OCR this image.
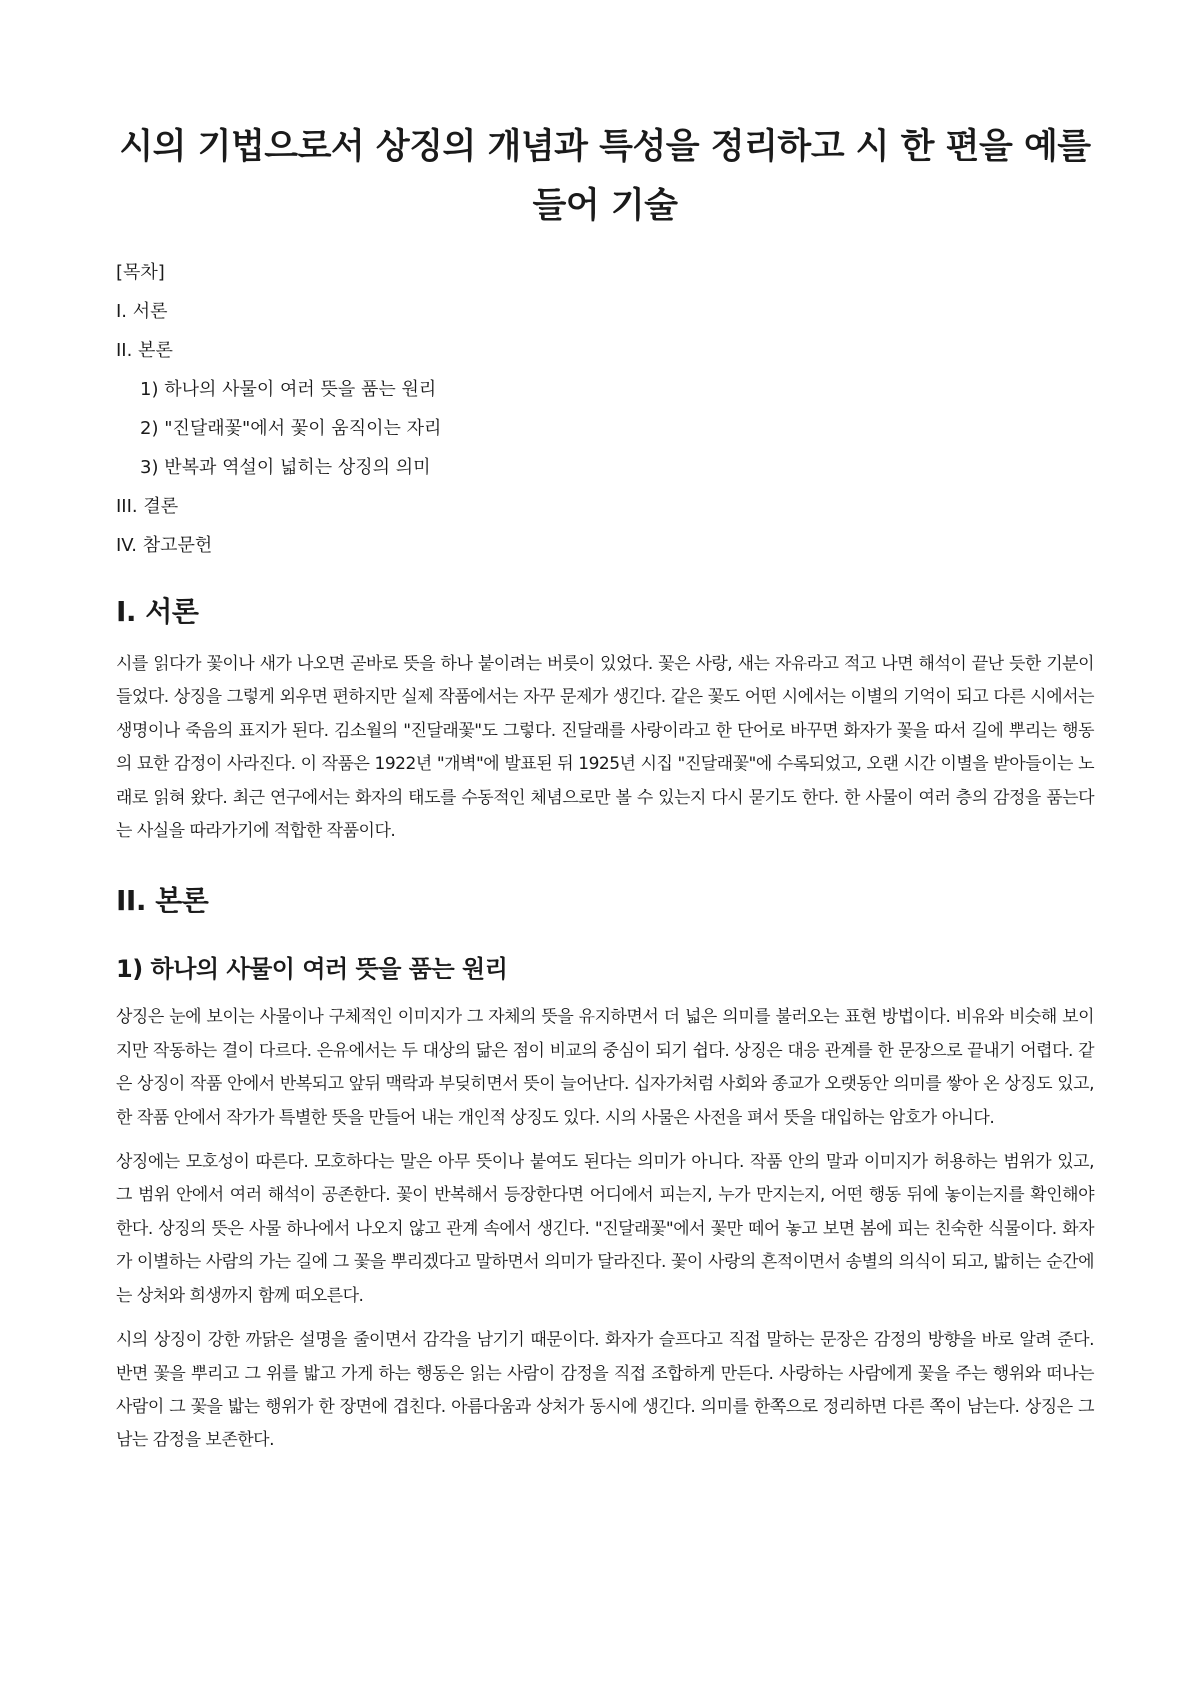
시의 기법으로서 상징의 개념과 특성을 정리하고 시 한 편을 예를 들어 기술

[목차]

I. 서론

II. 본론

1) 하나의 사물이 여러 뜻을 품는 원리

2) "진달래꽃"에서 꽃이 움직이는 자리

3) 반복과 역설이 넓히는 상징의 의미

III. 결론

IV. 참고문헌

I. 서론

시를 읽다가 꽃이나 새가 나오면 곧바로 뜻을 하나 붙이려는 버릇이 있었다. 꽃은 사랑, 새는 자유라고 적고 나면 해석이 끝난 듯한 기분이 들었다. 상징을 그렇게 외우면 편하지만 실제 작품에서는 자꾸 문제가 생긴다. 같은 꽃도 어떤 시에서는 이별의 기억이 되고 다른 시에서는 생명이나 죽음의 표지가 된다. 김소월의 "진달래꽃"도 그렇다. 진달래를 사랑이라고 한 단어로 바꾸면 화자가 꽃을 따서 길에 뿌리는 행동의 묘한 감정이 사라진다. 이 작품은 1922년 "개벽"에 발표된 뒤 1925년 시집 "진달래꽃"에 수록되었고, 오랜 시간 이별을 받아들이는 노래로 읽혀 왔다. 최근 연구에서는 화자의 태도를 수동적인 체념으로만 볼 수 있는지 다시 묻기도 한다. 한 사물이 여러 층의 감정을 품는다는 사실을 따라가기에 적합한 작품이다.

II. 본론
1) 하나의 사물이 여러 뜻을 품는 원리

상징은 눈에 보이는 사물이나 구체적인 이미지가 그 자체의 뜻을 유지하면서 더 넓은 의미를 불러오는 표현 방법이다. 비유와 비슷해 보이지만 작동하는 결이 다르다. 은유에서는 두 대상의 닮은 점이 비교의 중심이 되기 쉽다. 상징은 대응 관계를 한 문장으로 끝내기 어렵다. 같은 상징이 작품 안에서 반복되고 앞뒤 맥락과 부딪히면서 뜻이 늘어난다. 십자가처럼 사회와 종교가 오랫동안 의미를 쌓아 온 상징도 있고, 한 작품 안에서 작가가 특별한 뜻을 만들어 내는 개인적 상징도 있다. 시의 사물은 사전을 펴서 뜻을 대입하는 암호가 아니다.

상징에는 모호성이 따른다. 모호하다는 말은 아무 뜻이나 붙여도 된다는 의미가 아니다. 작품 안의 말과 이미지가 허용하는 범위가 있고, 그 범위 안에서 여러 해석이 공존한다. 꽃이 반복해서 등장한다면 어디에서 피는지, 누가 만지는지, 어떤 행동 뒤에 놓이는지를 확인해야 한다. 상징의 뜻은 사물 하나에서 나오지 않고 관계 속에서 생긴다. "진달래꽃"에서 꽃만 떼어 놓고 보면 봄에 피는 친숙한 식물이다. 화자가 이별하는 사람의 가는 길에 그 꽃을 뿌리겠다고 말하면서 의미가 달라진다. 꽃이 사랑의 흔적이면서 송별의 의식이 되고, 밟히는 순간에는 상처와 희생까지 함께 떠오른다.

시의 상징이 강한 까닭은 설명을 줄이면서 감각을 남기기 때문이다. 화자가 슬프다고 직접 말하는 문장은 감정의 방향을 바로 알려 준다. 반면 꽃을 뿌리고 그 위를 밟고 가게 하는 행동은 읽는 사람이 감정을 직접 조합하게 만든다. 사랑하는 사람에게 꽃을 주는 행위와 떠나는 사람이 그 꽃을 밟는 행위가 한 장면에 겹친다. 아름다움과 상처가 동시에 생긴다. 의미를 한쪽으로 정리하면 다른 쪽이 남는다. 상징은 그 남는 감정을 보존한다.
